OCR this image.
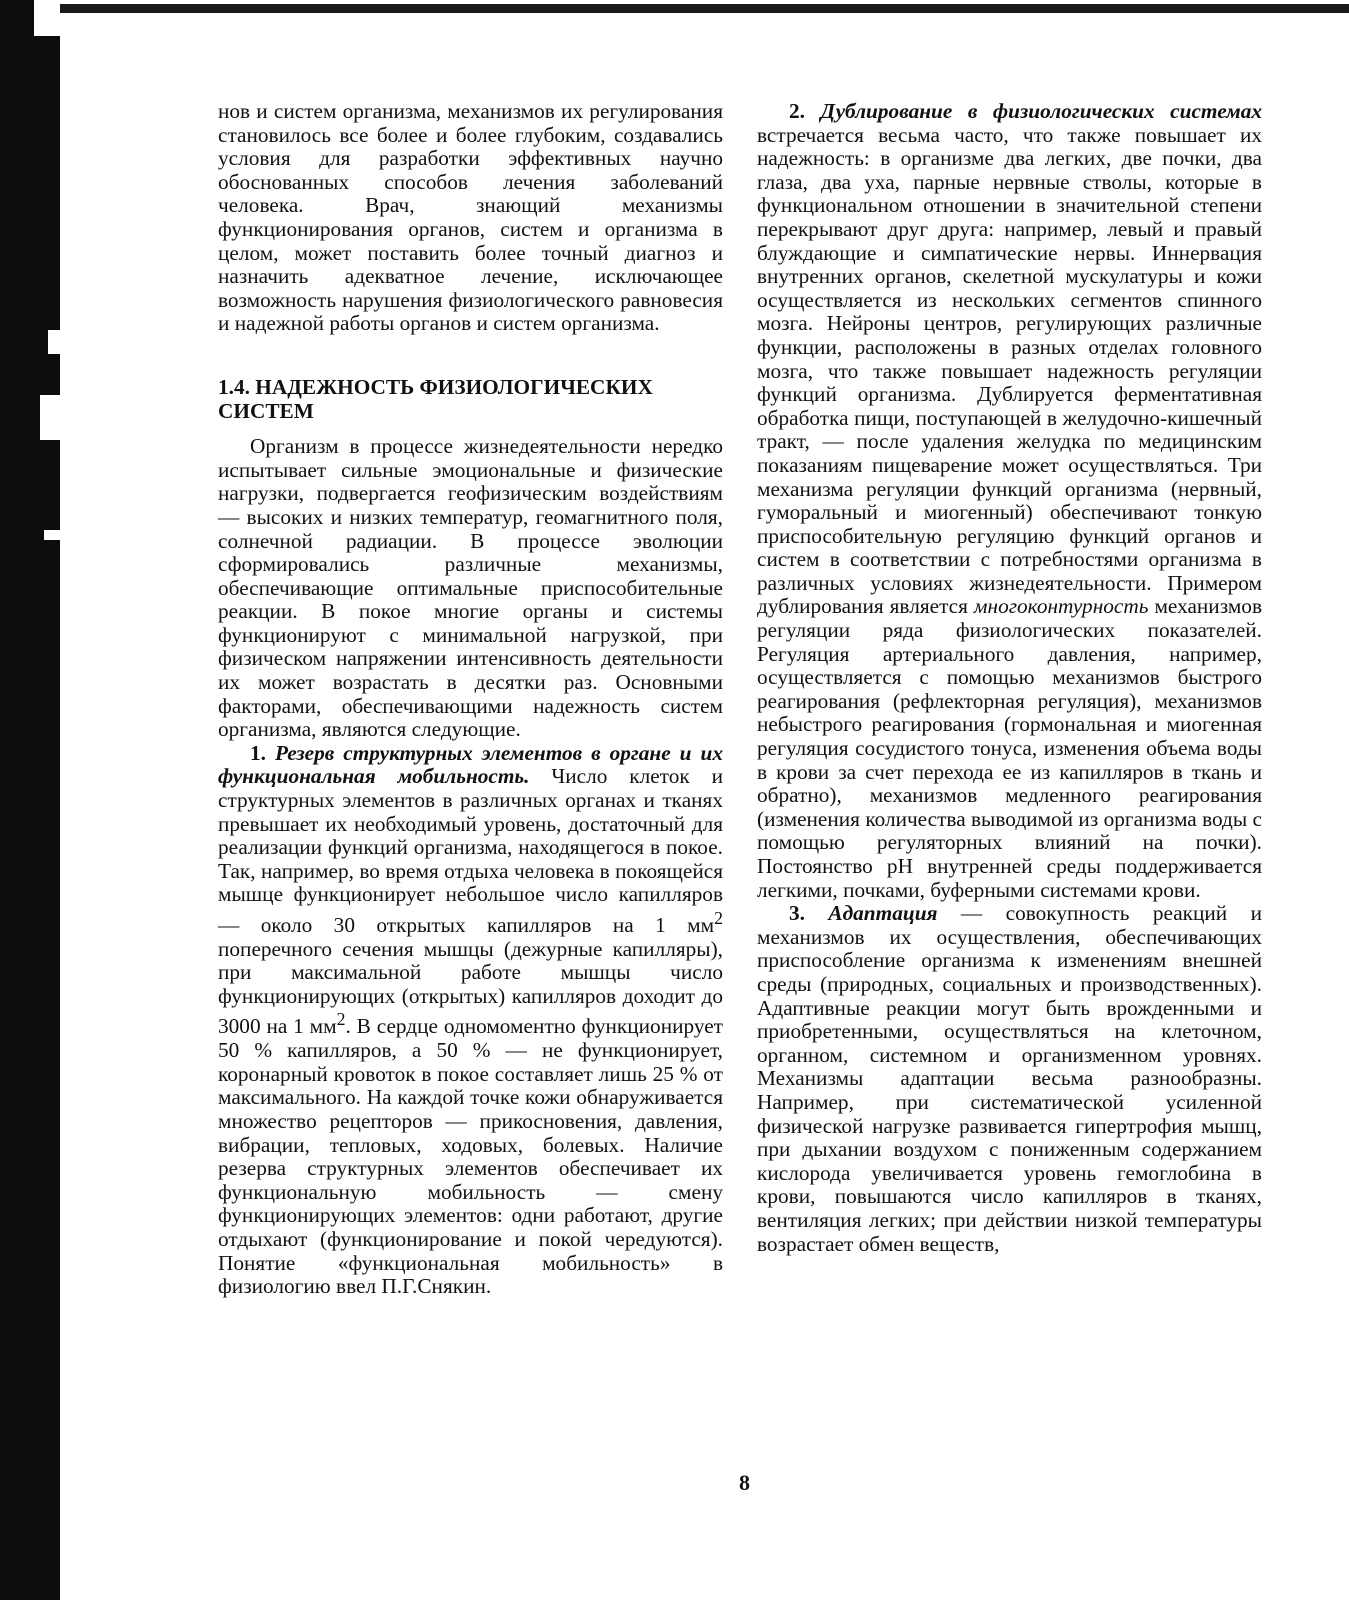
нов и систем организма, механизмов их регулирования становилось все более и более глубоким, создавались условия для разработки эффективных научно обоснованных способов лечения заболеваний человека. Врач, знающий механизмы функционирования органов, систем и организма в целом, может поставить более точный диагноз и назначить адекватное лечение, исключающее возможность нарушения физиологического равновесия и надежной работы органов и систем организма.

1.4. НАДЕЖНОСТЬ ФИЗИОЛОГИЧЕСКИХ СИСТЕМ

Организм в процессе жизнедеятельности нередко испытывает сильные эмоциональные и физические нагрузки, подвергается геофизическим воздействиям — высоких и низких температур, геомагнитного поля, солнечной радиации. В процессе эволюции сформировались различные механизмы, обеспечивающие оптимальные приспособительные реакции. В покое многие органы и системы функционируют с минимальной нагрузкой, при физическом напряжении интенсивность деятельности их может возрастать в десятки раз. Основными факторами, обеспечивающими надежность систем организма, являются следующие.

1. Резерв структурных элементов в органе и их функциональная мобильность. Число клеток и структурных элементов в различных органах и тканях превышает их необходимый уровень, достаточный для реализации функций организма, находящегося в покое. Так, например, во время отдыха человека в покоящейся мышце функционирует небольшое число капилляров — около 30 открытых капилляров на 1 $мм^2$ поперечного сечения мышцы (дежурные капилляры), при максимальной работе мышцы число функционирующих (открытых) капилляров доходит до 3000 на 1 $мм^2$. В сердце одномоментно функционирует 50 % капилляров, а 50 % — не функционирует, коронарный кровоток в покое составляет лишь 25 % от максимального. На каждой точке кожи обнаруживается множество рецепторов — прикосновения, давления, вибрации, тепловых, ходовых, болевых. Наличие резерва структурных элементов обеспечивает их функциональную мобильность — смену функционирующих элементов: одни работают, другие отдыхают (функционирование и покой чередуются). Понятие «функциональная мобильность» в физиологию ввел П.Г.Снякин.

2. Дублирование в физиологических системах встречается весьма часто, что также повышает их надежность: в организме два легких, две почки, два глаза, два уха, парные нервные стволы, которые в функциональном отношении в значительной степени перекрывают друг друга: например, левый и правый блуждающие и симпатические нервы. Иннервация внутренних органов, скелетной мускулатуры и кожи осуществляется из нескольких сегментов спинного мозга. Нейроны центров, регулирующих различные функции, расположены в разных отделах головного мозга, что также повышает надежность регуляции функций организма. Дублируется ферментативная обработка пищи, поступающей в желудочно-кишечный тракт, — после удаления желудка по медицинским показаниям пищеварение может осуществляться. Три механизма регуляции функций организма (нервный, гуморальный и миогенный) обеспечивают тонкую приспособительную регуляцию функций органов и систем в соответствии с потребностями организма в различных условиях жизнедеятельности. Примером дублирования является многоконтурность механизмов регуляции ряда физиологических показателей. Регуляция артериального давления, например, осуществляется с помощью механизмов быстрого реагирования (рефлекторная регуляция), механизмов небыстрого реагирования (гормональная и миогенная регуляция сосудистого тонуса, изменения объема воды в крови за счет перехода ее из капилляров в ткань и обратно), механизмов медленного реагирования (изменения количества выводимой из организма воды с помощью регуляторных влияний на почки). Постоянство рН внутренней среды поддерживается легкими, почками, буферными системами крови.

3. Адаптация — совокупность реакций и механизмов их осуществления, обеспечивающих приспособление организма к изменениям внешней среды (природных, социальных и производственных). Адаптивные реакции могут быть врожденными и приобретенными, осуществляться на клеточном, органном, системном и организменном уровнях. Механизмы адаптации весьма разнообразны. Например, при систематической усиленной физической нагрузке развивается гипертрофия мышц, при дыхании воздухом с пониженным содержанием кислорода увеличивается уровень гемоглобина в крови, повышаются число капилляров в тканях, вентиляция легких; при действии низкой температуры возрастает обмен веществ,

8
